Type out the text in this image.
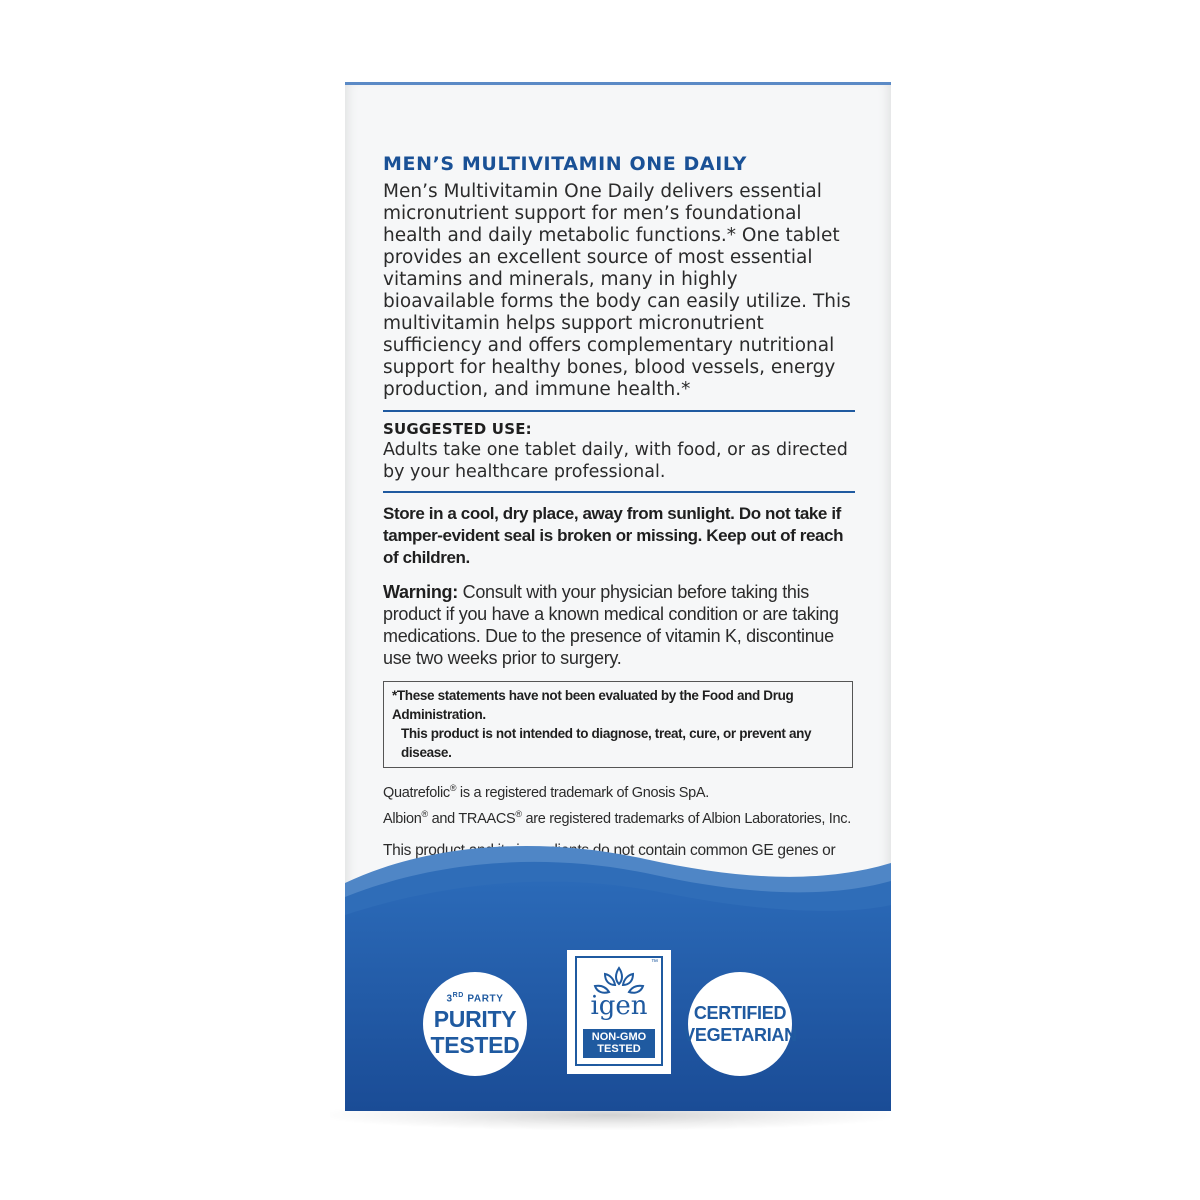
MEN’S MULTIVITAMIN ONE DAILY

Men’s Multivitamin One Daily delivers essential micronutrient support for men’s foundational health and daily metabolic functions.* One tablet provides an excellent source of most essential vitamins and minerals, many in highly bioavailable forms the body can easily utilize. This multivitamin helps support micronutrient sufficiency and offers complementary nutritional support for healthy bones, blood vessels, energy production, and immune health.*

SUGGESTED USE:

Adults take one tablet daily, with food, or as directed by your healthcare professional.

Store in a cool, dry place, away from sunlight. Do not take if tamper-evident seal is broken or missing. Keep out of reach of children.

Warning: Consult with your physician before taking this product if you have a known medical condition or are taking medications. Due to the presence of vitamin K, discontinue use two weeks prior to surgery.

*These statements have not been evaluated by the Food and Drug Administration.
This product is not intended to diagnose, treat, cure, or prevent any disease.

Quatrefolic® is a registered trademark of Gnosis SpA.
Albion® and TRAACS® are registered trademarks of Albion Laboratories, Inc.

This product do not contain common GE genes or

3RD PARTY
PURITY
TESTED
™
igen
NON-GMO
TESTED
CERTIFIED
VEGETARIAN
